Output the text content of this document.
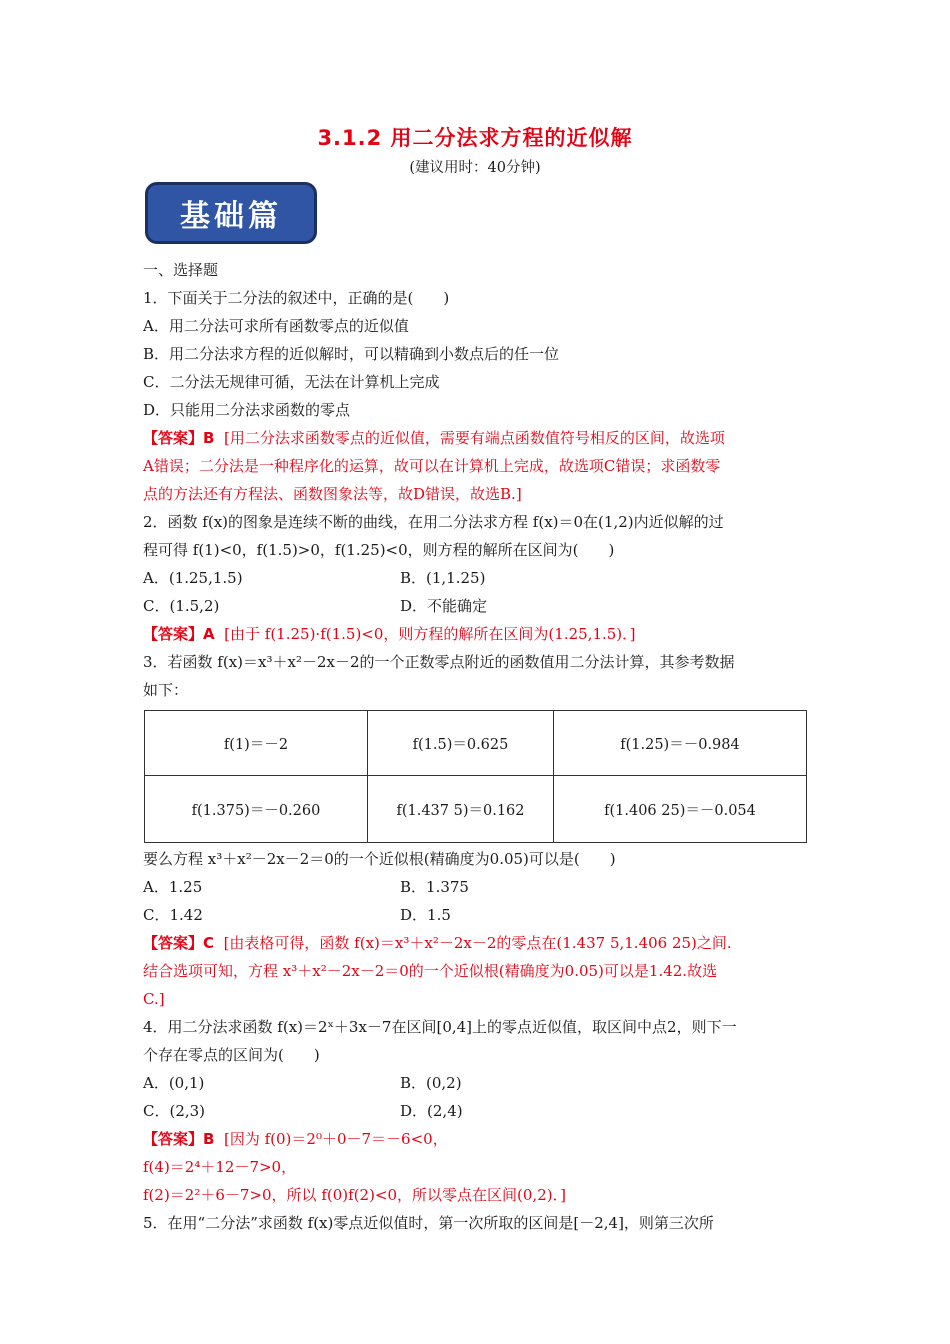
3.1.2 用二分法求方程的近似解
(建议用时：40分钟)
基础篇
一、选择题
1．下面关于二分法的叙述中，正确的是(　　)
A．用二分法可求所有函数零点的近似值
B．用二分法求方程的近似解时，可以精确到小数点后的任一位
C．二分法无规律可循，无法在计算机上完成
D．只能用二分法求函数的零点
【答案】B [用二分法求函数零点的近似值，需要有端点函数值符号相反的区间，故选项
A错误；二分法是一种程序化的运算，故可以在计算机上完成，故选项C错误；求函数零
点的方法还有方程法、函数图象法等，故D错误，故选B.]
2．函数 f(x)的图象是连续不断的曲线，在用二分法求方程 f(x)＝0在(1,2)内近似解的过
程可得 f(1)<0，f(1.5)>0，f(1.25)<0，则方程的解所在区间为(　　)
A．(1.25,1.5)	B．(1,1.25)
C．(1.5,2)	D．不能确定
【答案】A [由于 f(1.25)·f(1.5)<0，则方程的解所在区间为(1.25,1.5)．]
3．若函数 f(x)＝x³＋x²－2x－2的一个正数零点附近的函数值用二分法计算，其参考数据
如下：
f(1)＝－2	f(1.5)＝0.625	f(1.25)＝－0.984
f(1.375)＝－0.260	f(1.437 5)＝0.162	f(1.406 25)＝－0.054
要么方程 x³＋x²－2x－2＝0的一个近似根(精确度为0.05)可以是(　　)
A．1.25	B．1.375
C．1.42	D．1.5
【答案】C [由表格可得，函数 f(x)＝x³＋x²－2x－2的零点在(1.437 5,1.406 25)之间.
结合选项可知，方程 x³＋x²－2x－2＝0的一个近似根(精确度为0.05)可以是1.42.故选
C.]
4．用二分法求函数 f(x)＝2ˣ＋3x－7在区间[0,4]上的零点近似值，取区间中点2，则下一
个存在零点的区间为(　　)
A．(0,1)	B．(0,2)
C．(2,3)	D．(2,4)
【答案】B [因为 f(0)＝2⁰＋0－7＝－6<0，
f(4)＝2⁴＋12－7>0，
f(2)＝2²＋6－7>0，所以 f(0)f(2)<0，所以零点在区间(0,2)．]
5．在用“二分法”求函数 f(x)零点近似值时，第一次所取的区间是[－2,4]，则第三次所
